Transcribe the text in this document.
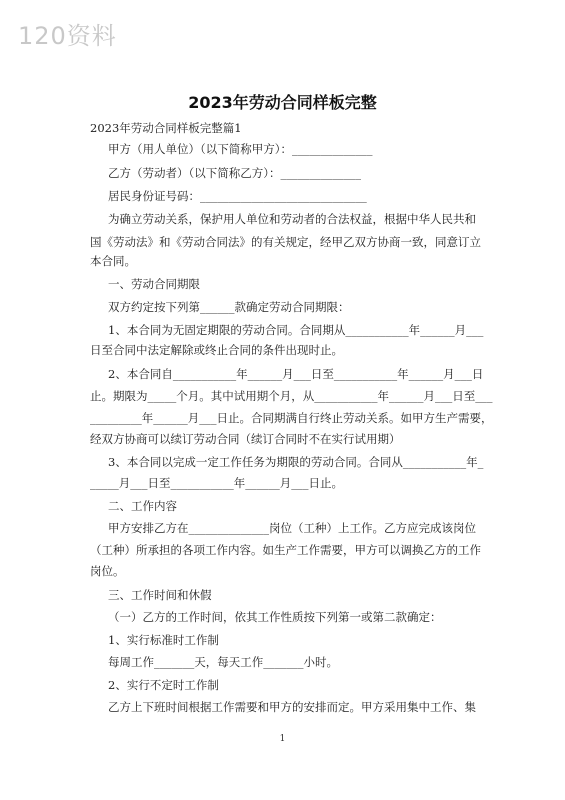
120资料
2023年劳动合同样板完整
2023年劳动合同样板完整篇1
甲方（用人单位）（以下简称甲方）：______________
乙方（劳动者）（以下简称乙方）：______________
居民身份证号码：_____________________________
为确立劳动关系，保护用人单位和劳动者的合法权益，根据中华人民共和
国《劳动法》和《劳动合同法》的有关规定，经甲乙双方协商一致，同意订立
本合同。
一、劳动合同期限
双方约定按下列第______款确定劳动合同期限：
1、本合同为无固定期限的劳动合同。合同期从___________年______月___
日至合同中法定解除或终止合同的条件出现时止。
2、本合同自___________年______月___日至___________年______月___日
止。期限为_____个月。其中试用期个月，从___________年______月___日至___
_________年______月___日止。合同期满自行终止劳动关系。如甲方生产需要，
经双方协商可以续订劳动合同（续订合同时不在实行试用期）
3、本合同以完成一定工作任务为期限的劳动合同。合同从___________年_
_____月___日至___________年______月___日止。
二、工作内容
甲方安排乙方在______________岗位（工种）上工作。乙方应完成该岗位
（工种）所承担的各项工作内容。如生产工作需要，甲方可以调换乙方的工作
岗位。
三、工作时间和休假
（一）乙方的工作时间，依其工作性质按下列第一或第二款确定：
1、实行标准时工作制
每周工作_______天，每天工作_______小时。
2、实行不定时工作制
乙方上下班时间根据工作需要和甲方的安排而定。甲方采用集中工作、集
1
